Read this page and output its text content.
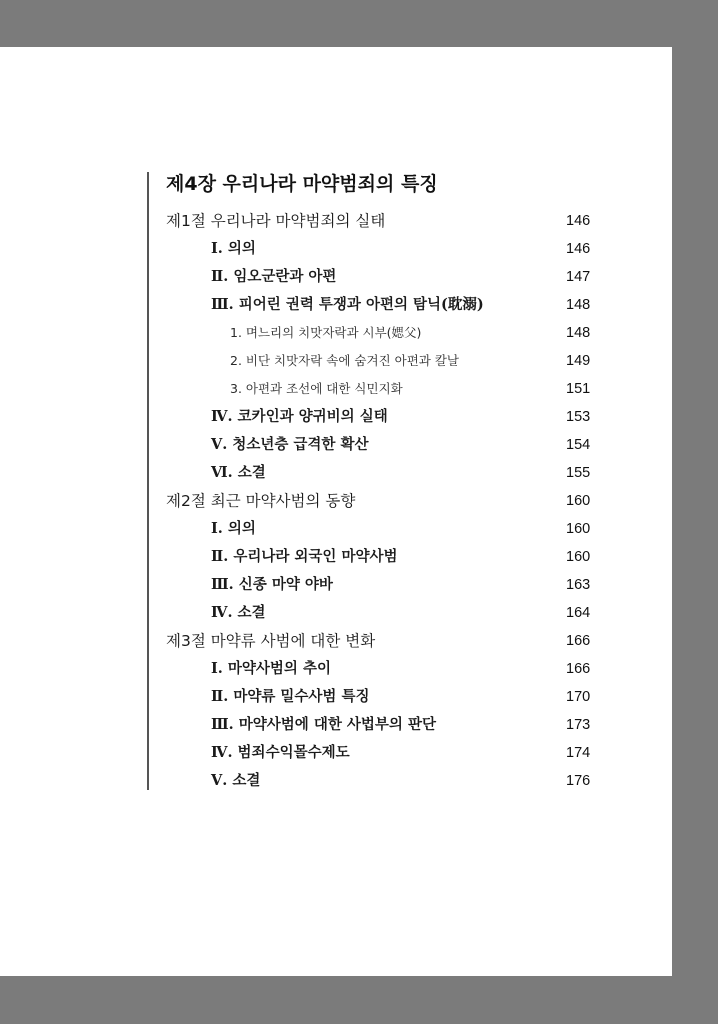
제4장 우리나라 마약범죄의 특징
제1절 우리나라 마약범죄의 실태	146
Ⅰ. 의의	146
Ⅱ. 임오군란과 아편	147
Ⅲ. 피어린 권력 투쟁과 아편의 탐닉(耽溺)	148
1. 며느리의 치맛자락과 시부(媤父)	148
2. 비단 치맛자락 속에 숨겨진 아편과 칼날	149
3. 아편과 조선에 대한 식민지화	151
Ⅳ. 코카인과 양귀비의 실태	153
Ⅴ. 청소년층 급격한 확산	154
Ⅵ. 소결	155
제2절 최근 마약사범의 동향	160
Ⅰ. 의의	160
Ⅱ. 우리나라 외국인 마약사범	160
Ⅲ. 신종 마약 야바	163
Ⅳ. 소결	164
제3절 마약류 사범에 대한 변화	166
Ⅰ. 마약사범의 추이	166
Ⅱ. 마약류 밀수사범 특징	170
Ⅲ. 마약사범에 대한 사법부의 판단	173
Ⅳ. 범죄수익몰수제도	174
Ⅴ. 소결	176
